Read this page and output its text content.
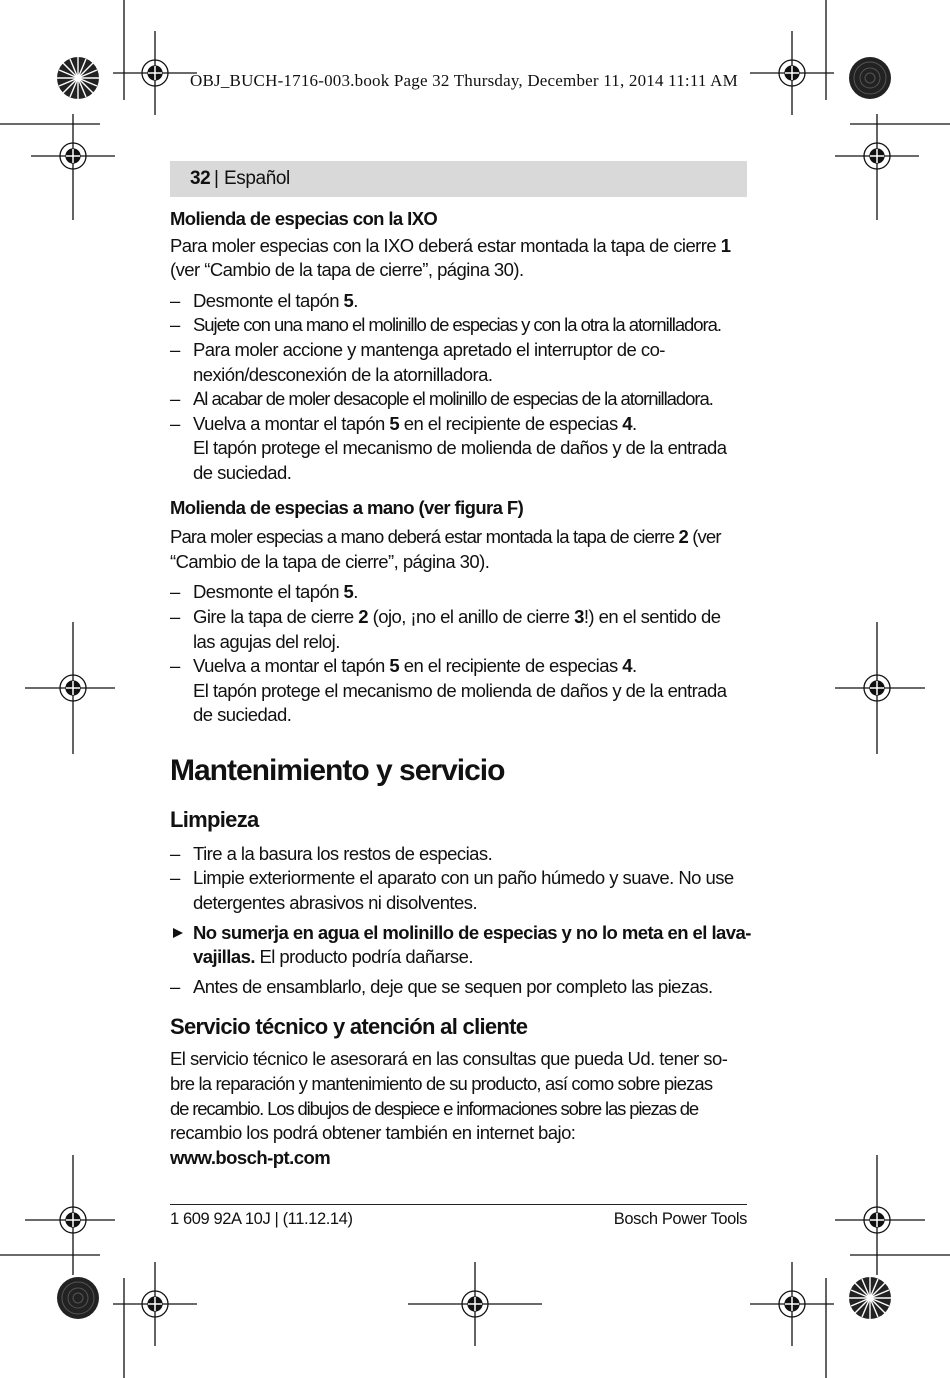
OBJ_BUCH-1716-003.book Page 32 Thursday, December 11, 2014 11:11 AM
32 | Español
Molienda de especias con la IXO
Para moler especias con la IXO deberá estar montada la tapa de cierre 1
(ver “Cambio de la tapa de cierre”, página 30).
– Desmonte el tapón 5.
– Sujete con una mano el molinillo de especias y con la otra la atornilladora.
– Para moler accione y mantenga apretado el interruptor de co-
nexión/desconexión de la atornilladora.
– Al acabar de moler desacople el molinillo de especias de la atornilladora.
– Vuelva a montar el tapón 5 en el recipiente de especias 4.
El tapón protege el mecanismo de molienda de daños y de la entrada
de suciedad.
Molienda de especias a mano (ver figura F)
Para moler especias a mano deberá estar montada la tapa de cierre 2 (ver
“Cambio de la tapa de cierre”, página 30).
– Desmonte el tapón 5.
– Gire la tapa de cierre 2 (ojo, ¡no el anillo de cierre 3!) en el sentido de
las agujas del reloj.
– Vuelva a montar el tapón 5 en el recipiente de especias 4.
El tapón protege el mecanismo de molienda de daños y de la entrada
de suciedad.
Mantenimiento y servicio
Limpieza
– Tire a la basura los restos de especias.
– Limpie exteriormente el aparato con un paño húmedo y suave. No use
detergentes abrasivos ni disolventes.
No sumerja en agua el molinillo de especias y no lo meta en el lava-
vajillas. El producto podría dañarse.
– Antes de ensamblarlo, deje que se sequen por completo las piezas.
Servicio técnico y atención al cliente
El servicio técnico le asesorará en las consultas que pueda Ud. tener so-
bre la reparación y mantenimiento de su producto, así como sobre piezas
de recambio. Los dibujos de despiece e informaciones sobre las piezas de
recambio los podrá obtener también en internet bajo:
www.bosch-pt.com
1 609 92A 10J | (11.12.14)	Bosch Power Tools
